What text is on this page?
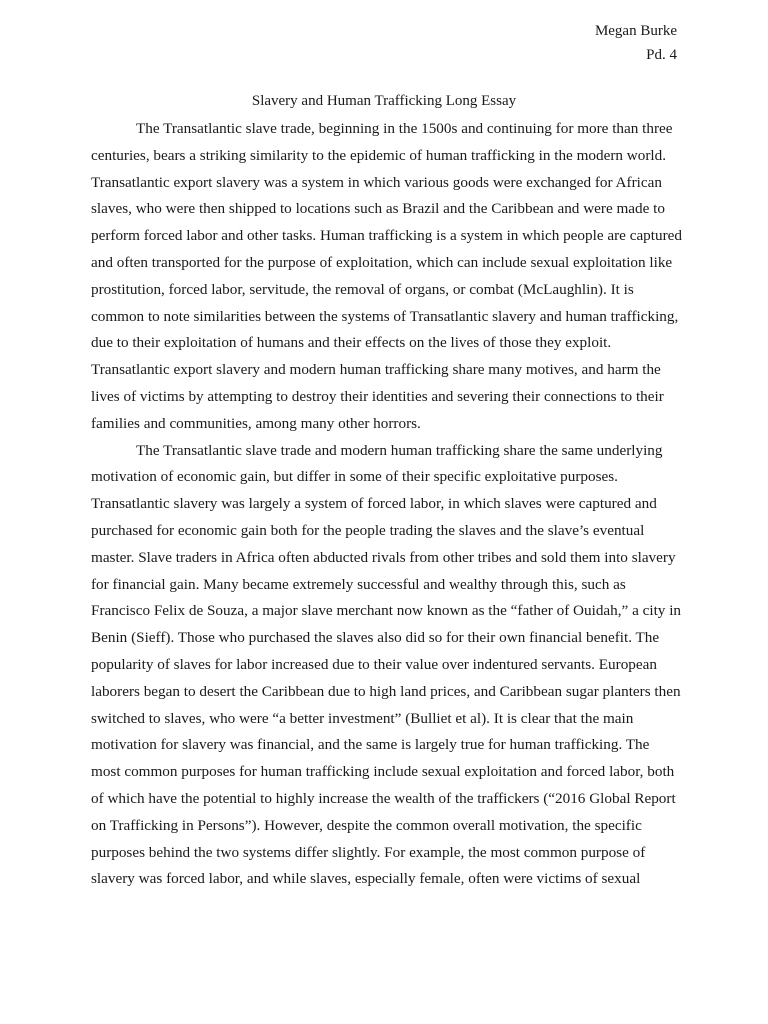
Megan Burke
Pd. 4
Slavery and Human Trafficking Long Essay
The Transatlantic slave trade, beginning in the 1500s and continuing for more than three
centuries, bears a striking similarity to the epidemic of human trafficking in the modern world.
Transatlantic export slavery was a system in which various goods were exchanged for African
slaves, who were then shipped to locations such as Brazil and the Caribbean and were made to
perform forced labor and other tasks. Human trafficking is a system in which people are captured
and often transported for the purpose of exploitation, which can include sexual exploitation like
prostitution, forced labor, servitude, the removal of organs, or combat (McLaughlin). It is
common to note similarities between the systems of Transatlantic slavery and human trafficking,
due to their exploitation of humans and their effects on the lives of those they exploit.
Transatlantic export slavery and modern human trafficking share many motives, and harm the
lives of victims by attempting to destroy their identities and severing their connections to their
families and communities, among many other horrors.
The Transatlantic slave trade and modern human trafficking share the same underlying
motivation of economic gain, but differ in some of their specific exploitative purposes.
Transatlantic slavery was largely a system of forced labor, in which slaves were captured and
purchased for economic gain both for the people trading the slaves and the slave’s eventual
master. Slave traders in Africa often abducted rivals from other tribes and sold them into slavery
for financial gain. Many became extremely successful and wealthy through this, such as
Francisco Felix de Souza, a major slave merchant now known as the “father of Ouidah,” a city in
Benin (Sieff). Those who purchased the slaves also did so for their own financial benefit. The
popularity of slaves for labor increased due to their value over indentured servants. European
laborers began to desert the Caribbean due to high land prices, and Caribbean sugar planters then
switched to slaves, who were “a better investment” (Bulliet et al). It is clear that the main
motivation for slavery was financial, and the same is largely true for human trafficking. The
most common purposes for human trafficking include sexual exploitation and forced labor, both
of which have the potential to highly increase the wealth of the traffickers (“2016 Global Report
on Trafficking in Persons”). However, despite the common overall motivation, the specific
purposes behind the two systems differ slightly. For example, the most common purpose of
slavery was forced labor, and while slaves, especially female, often were victims of sexual
